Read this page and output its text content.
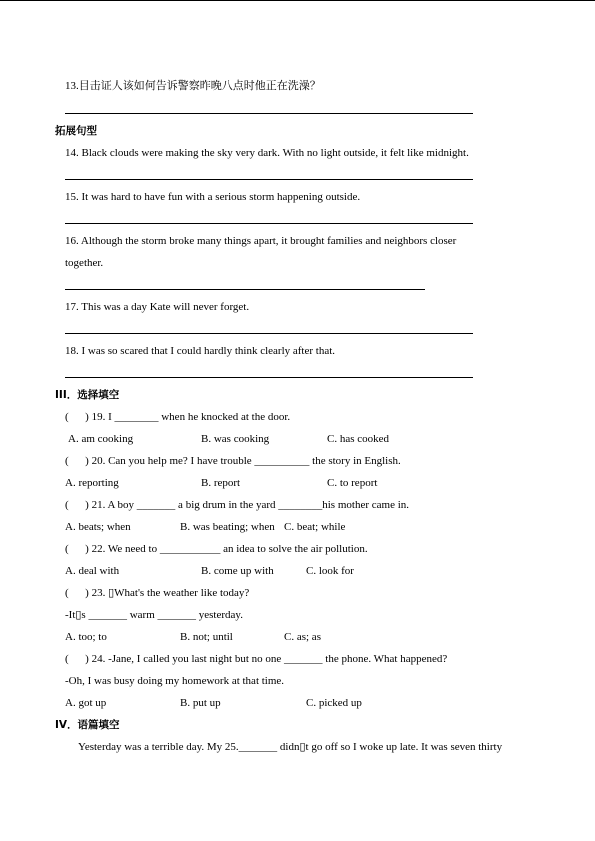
13.目击证人该如何告诉警察昨晚八点时他正在洗澡？
拓展句型
14. Black clouds were making the sky very dark. With no light outside, it felt like midnight.
15. It was hard to have fun with a serious storm happening outside.
16. Although the storm broke many things apart, it brought families and neighbors closer
together.
17. This was a day Kate will never forget.
18. I was so scared that I could hardly think clearly after that.
III．选择填空
(      ) 19. I ________ when he knocked at the door.
A. am cooking	B. was cooking	C. has cooked
(      ) 20. Can you help me? I have trouble __________ the story in English.
A. reporting	B. report	C. to report
(      ) 21. A boy _______ a big drum in the yard ________his mother came in.
A. beats; when	B. was beating; when C. beat; while
(      ) 22. We need to ___________ an idea to solve the air pollution.
A. deal with	B. come up with	C. look for
(      ) 23. ▯What's the weather like today?
-It▯s _______ warm _______ yesterday.
A. too; to	B. not; until	C. as; as
(      ) 24. -Jane, I called you last night but no one _______ the phone. What happened?
-Oh, I was busy doing my homework at that time.
A. got up	B. put up	C. picked up
IV．语篇填空
Yesterday was a terrible day. My 25._______ didn▯t go off so I woke up late. It was seven thirty
